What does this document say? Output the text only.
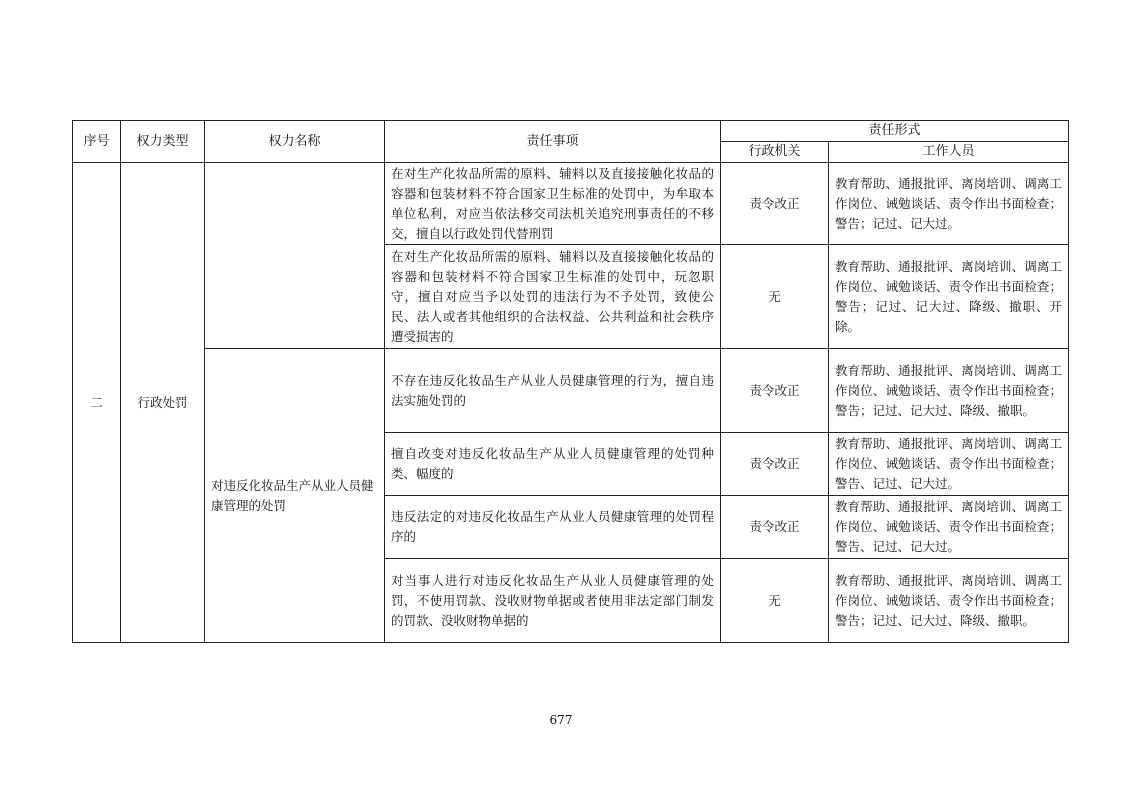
序号	权力类型	权力名称	责任事项	责任形式	
				行政机关	工作人员
二	行政处罚		在对生产化妆品所需的原料、辅料以及直接接触化妆品的容器和包装材料不符合国家卫生标准的处罚中，为牟取本单位私利，对应当依法移交司法机关追究刑事责任的不移交，擅自以行政处罚代替刑罚	责令改正	教育帮助、通报批评、离岗培训、调离工作岗位、诫勉谈话、责令作出书面检查；警告；记过、记大过。
			在对生产化妆品所需的原料、辅料以及直接接触化妆品的容器和包装材料不符合国家卫生标准的处罚中，玩忽职守，擅自对应当予以处罚的违法行为不予处罚，致使公民、法人或者其他组织的合法权益、公共利益和社会秩序遭受损害的	无	教育帮助、通报批评、离岗培训、调离工作岗位、诫勉谈话、责令作出书面检查；警告；记过、记大过、降级、撤职、开除。
		对违反化妆品生产从业人员健康管理的处罚	不存在违反化妆品生产从业人员健康管理的行为，擅自违法实施处罚的	责令改正	教育帮助、通报批评、离岗培训、调离工作岗位、诫勉谈话、责令作出书面检查；警告；记过、记大过、降级、撤职。
			擅自改变对违反化妆品生产从业人员健康管理的处罚种类、幅度的	责令改正	教育帮助、通报批评、离岗培训、调离工作岗位、诫勉谈话、责令作出书面检查；警告、记过、记大过。
			违反法定的对违反化妆品生产从业人员健康管理的处罚程序的	责令改正	教育帮助、通报批评、离岗培训、调离工作岗位、诫勉谈话、责令作出书面检查；警告、记过、记大过。
			对当事人进行对违反化妆品生产从业人员健康管理的处罚，不使用罚款、没收财物单据或者使用非法定部门制发的罚款、没收财物单据的	无	教育帮助、通报批评、离岗培训、调离工作岗位、诫勉谈话、责令作出书面检查；警告；记过、记大过、降级、撤职。
677
